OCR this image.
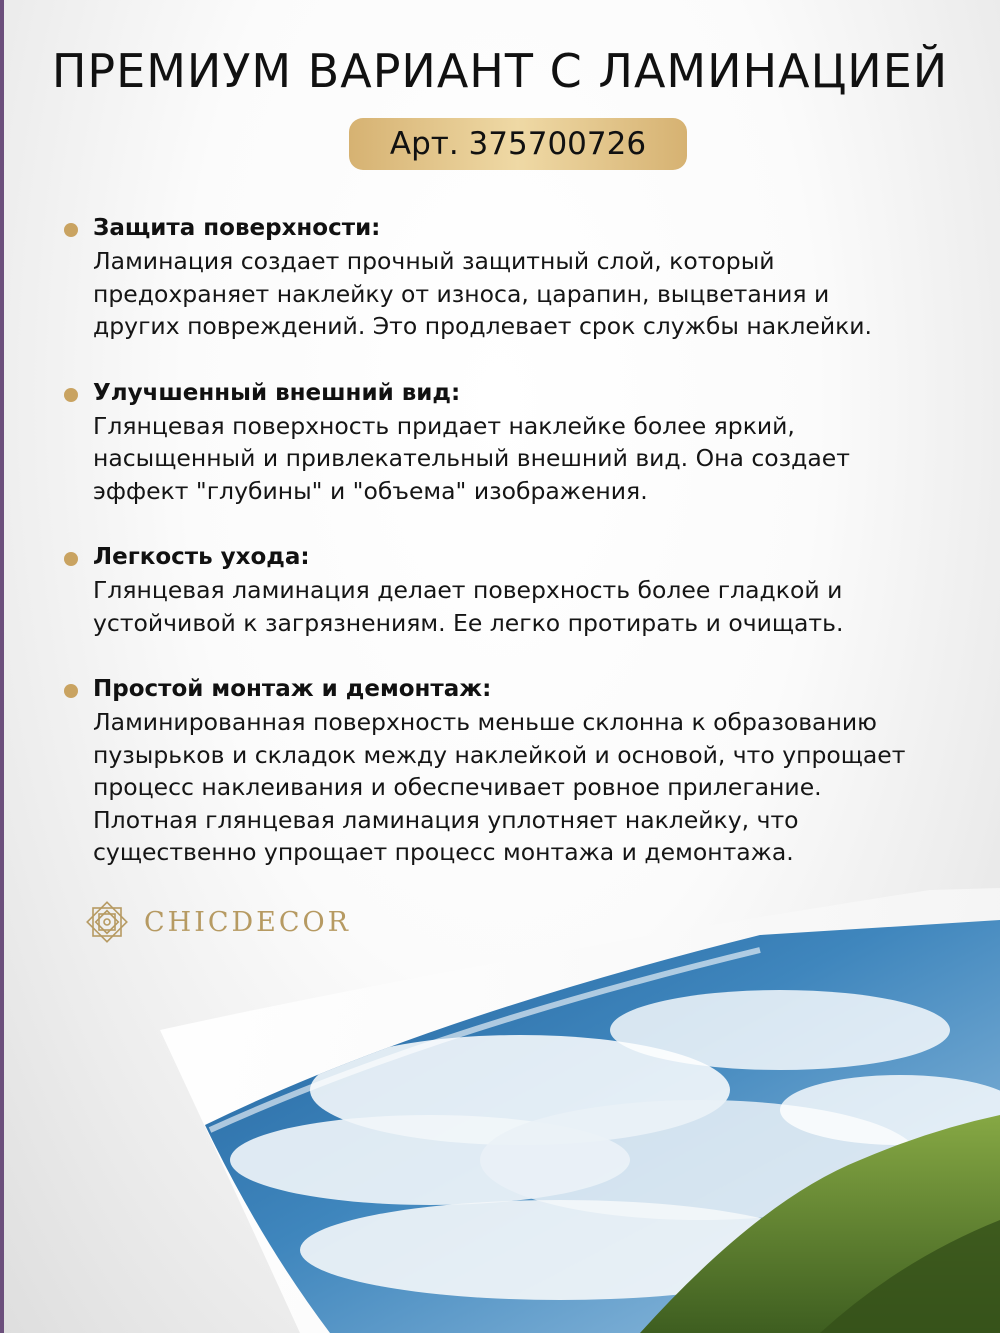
ПРЕМИУМ ВАРИАНТ С ЛАМИНАЦИЕЙ
Арт. 375700726
Защита поверхности:
Ламинация создает прочный защитный слой, который
предохраняет наклейку от износа, царапин, выцветания и
других повреждений. Это продлевает срок службы наклейки.
Улучшенный внешний вид:
Глянцевая поверхность придает наклейке более яркий,
насыщенный и привлекательный внешний вид. Она создает
эффект "глубины" и "объема" изображения.
Легкость ухода:
Глянцевая ламинация делает поверхность более гладкой и
устойчивой к загрязнениям. Ее легко протирать и очищать.
Простой монтаж и демонтаж:
Ламинированная поверхность меньше склонна к образованию
пузырьков и складок между наклейкой и основой, что упрощает
процесс наклеивания и обеспечивает ровное прилегание.
Плотная глянцевая ламинация уплотняет наклейку, что
существенно упрощает процесс монтажа и демонтажа.
CHICDECOR
